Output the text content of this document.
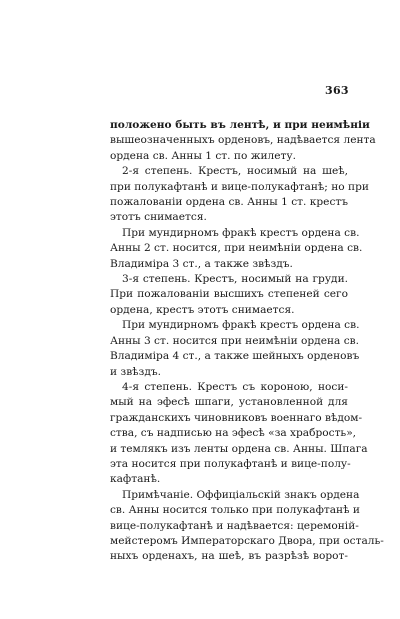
363
положено быть въ лентѣ, и при неимѣніи
вышеозначенныхъ орденовъ, надѣвается лента
ордена св. Анны 1 ст. по жилету.
2-я степень. Крестъ, носимый на шеѣ,
при полукафтанѣ и вице-полукафтанѣ; но при
пожалованіи ордена св. Анны 1 ст. крестъ
этотъ снимается.
При мундирномъ фракѣ крестъ ордена св.
Анны 2 ст. носится, при неимѣніи ордена св.
Владиміра 3 ст., а также звѣздъ.
3-я степень. Крестъ, носимый на груди.
При пожалованіи высшихъ степеней сего
ордена, крестъ этотъ снимается.
При мундирномъ фракѣ крестъ ордена св.
Анны 3 ст. носится при неимѣніи ордена св.
Владиміра 4 ст., а также шейныхъ орденовъ
и звѣздъ.
4-я степень. Крестъ съ короною, носи-
мый на эфесѣ шпаги, установленной для
гражданскихъ чиновниковъ военнаго вѣдом-
ства, съ надписью на эфесѣ «за храбрость»,
и темлякъ изъ ленты ордена св. Анны. Шпага
эта носится при полукафтанѣ и вице-полу-
кафтанѣ.
Примѣчаніе. Оффиціальскій знакъ ордена
св. Анны носится только при полукафтанѣ и
вице-полукафтанѣ и надѣвается: церемоній-
мейстеромъ Императорскаго Двора, при осталь-
ныхъ орденахъ, на шеѣ, въ разрѣзѣ ворот-
